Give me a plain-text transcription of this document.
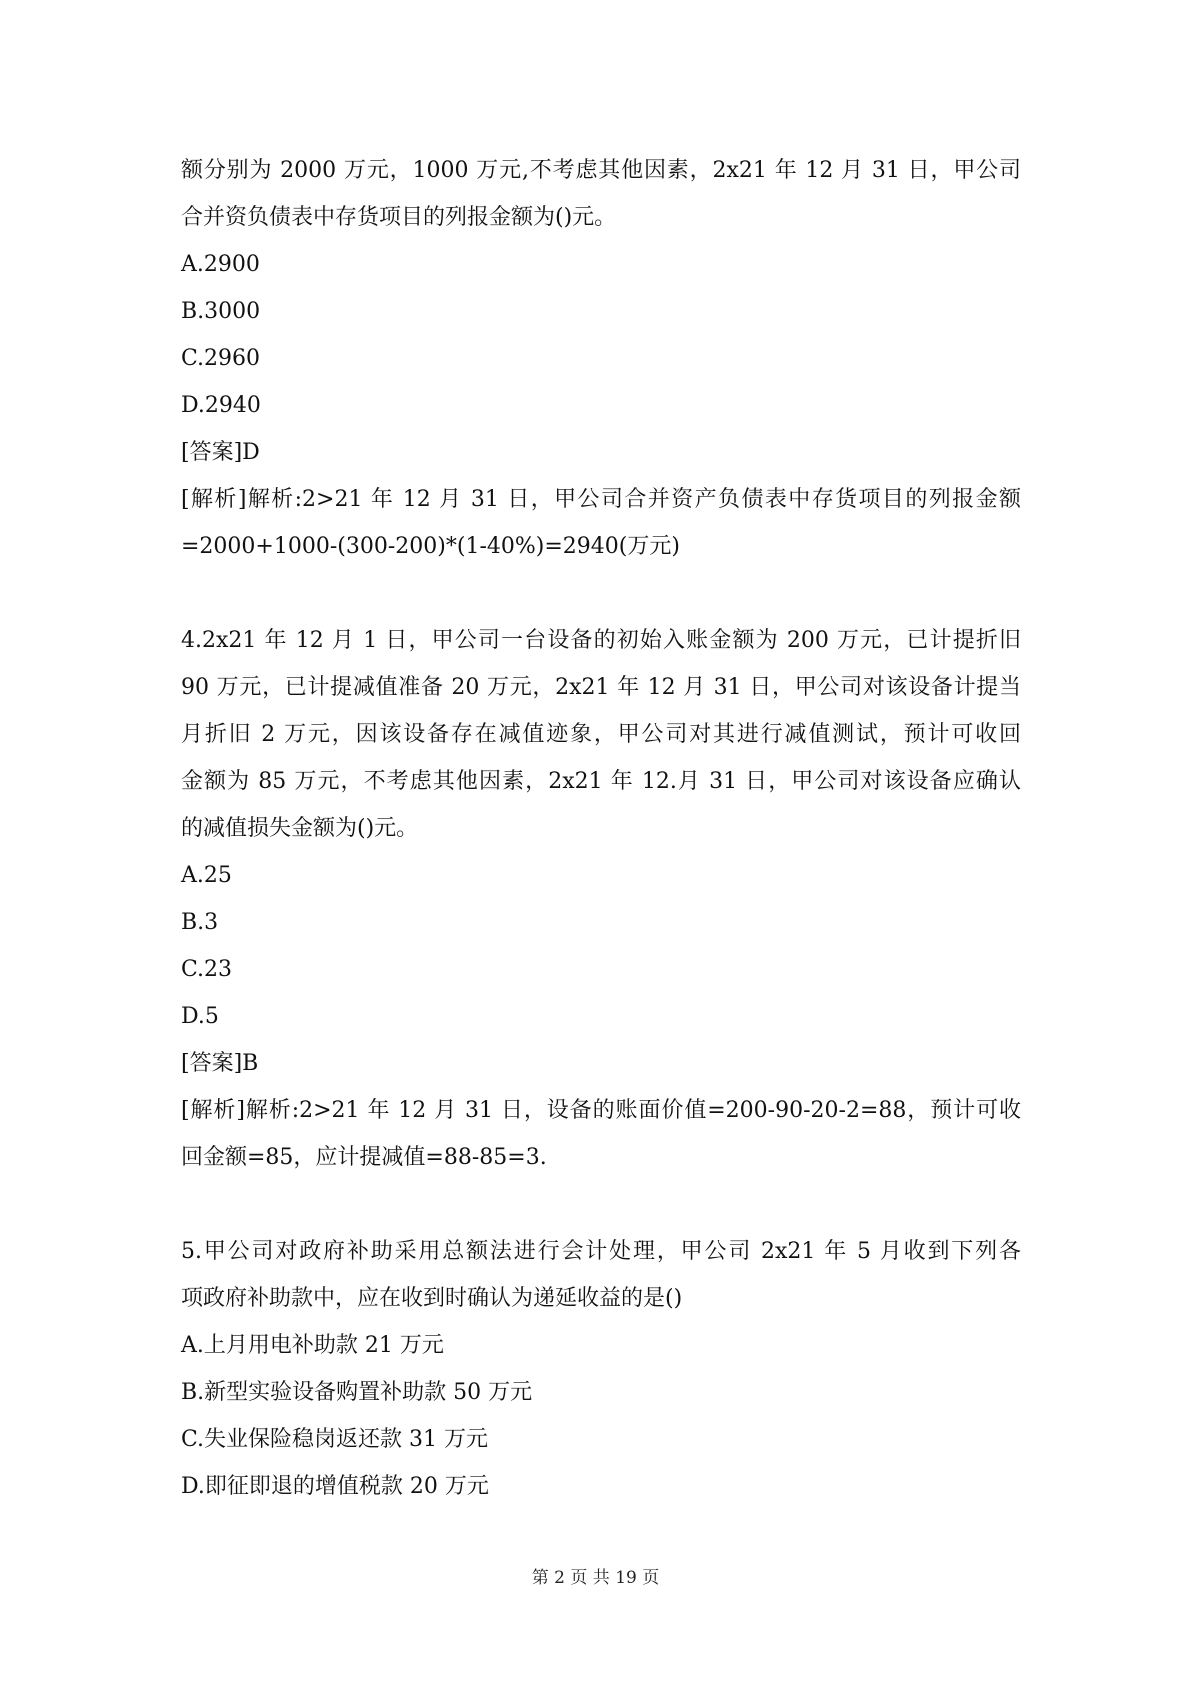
额分别为 2000 万元，1000 万元,不考虑其他因素，2x21 年 12 月 31 日，甲公司
合并资负债表中存货项目的列报金额为()元。
A.2900
B.3000
C.2960
D.2940
[答案]D
[解析]解析:2>21 年 12 月 31 日，甲公司合并资产负债表中存货项目的列报金额
=2000+1000-(300-200)*(1-40%)=2940(万元)
4.2x21 年 12 月 1 日，甲公司一台设备的初始入账金额为 200 万元，已计提折旧
90 万元，已计提减值准备 20 万元，2x21 年 12 月 31 日，甲公司对该设备计提当
月折旧 2 万元，因该设备存在减值迹象，甲公司对其进行减值测试，预计可收回
金额为 85 万元，不考虑其他因素，2x21 年 12.月 31 日，甲公司对该设备应确认
的减值损失金额为()元。
A.25
B.3
C.23
D.5
[答案]B
[解析]解析:2>21 年 12 月 31 日，设备的账面价值=200-90-20-2=88，预计可收
回金额=85，应计提减值=88-85=3.
5.甲公司对政府补助采用总额法进行会计处理，甲公司 2x21 年 5 月收到下列各
项政府补助款中，应在收到时确认为递延收益的是()
A.上月用电补助款 21 万元
B.新型实验设备购置补助款 50 万元
C.失业保险稳岗返还款 31 万元
D.即征即退的增值税款 20 万元
第 2 页 共 19 页
